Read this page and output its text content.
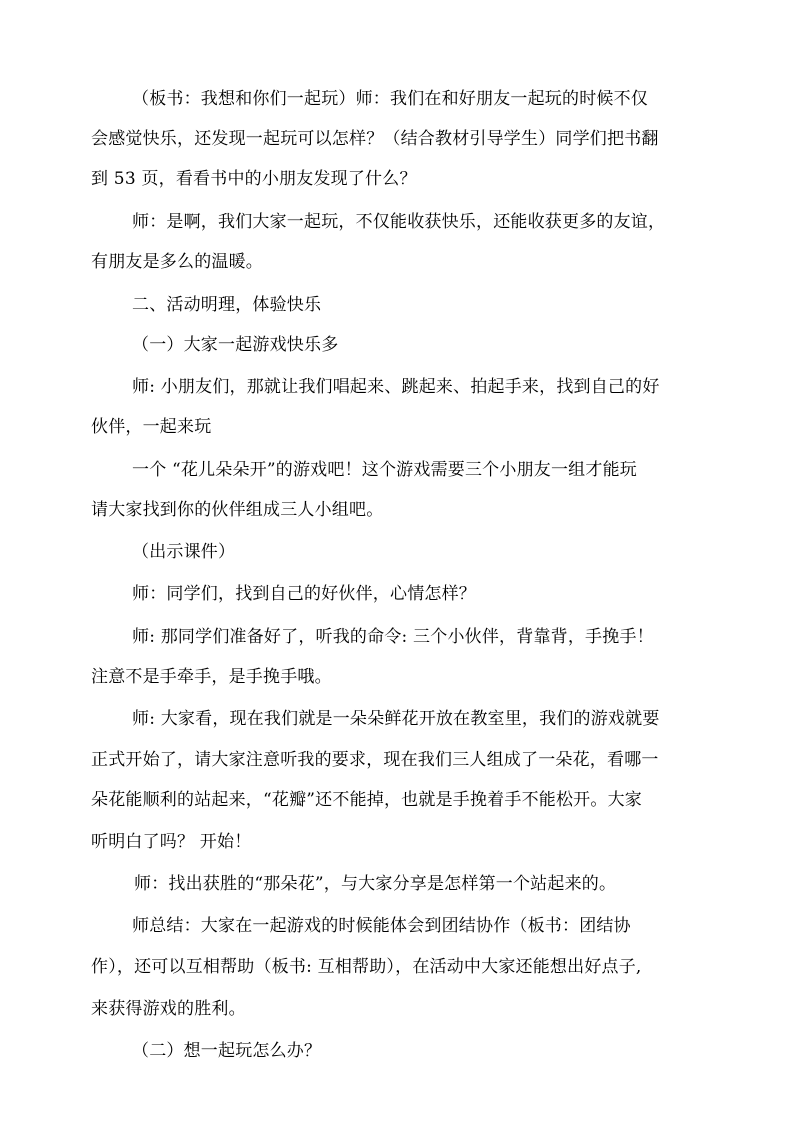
（板书：我想和你们一起玩）师：我们在和好朋友一起玩的时候不仅
会感觉快乐，还发现一起玩可以怎样？（结合教材引导学生）同学们把书翻
到 53 页，看看书中的小朋友发现了什么？
师：是啊，我们大家一起玩，不仅能收获快乐，还能收获更多的友谊，
有朋友是多么的温暖。
二、活动明理，体验快乐
（一）大家一起游戏快乐多
师: 小朋友们，那就让我们唱起来、跳起来、拍起手来，找到自己的好
伙伴，一起来玩
一个 “花儿朵朵开”的游戏吧！这个游戏需要三个小朋友一组才能玩
请大家找到你的伙伴组成三人小组吧。
（出示课件）
师：同学们，找到自己的好伙伴，心情怎样？
师: 那同学们准备好了，听我的命令: 三个小伙伴，背靠背，手挽手！
注意不是手牵手，是手挽手哦。
师: 大家看，现在我们就是一朵朵鲜花开放在教室里，我们的游戏就要
正式开始了，请大家注意听我的要求，现在我们三人组成了一朵花，看哪一
朵花能顺利的站起来，“花瓣”还不能掉，也就是手挽着手不能松开。大家
听明白了吗？ 开始！
师：找出获胜的“那朵花”，与大家分享是怎样第一个站起来的。
师总结：大家在一起游戏的时候能体会到团结协作（板书：团结协
作），还可以互相帮助（板书: 互相帮助），在活动中大家还能想出好点子,
来获得游戏的胜利。
（二）想一起玩怎么办？
